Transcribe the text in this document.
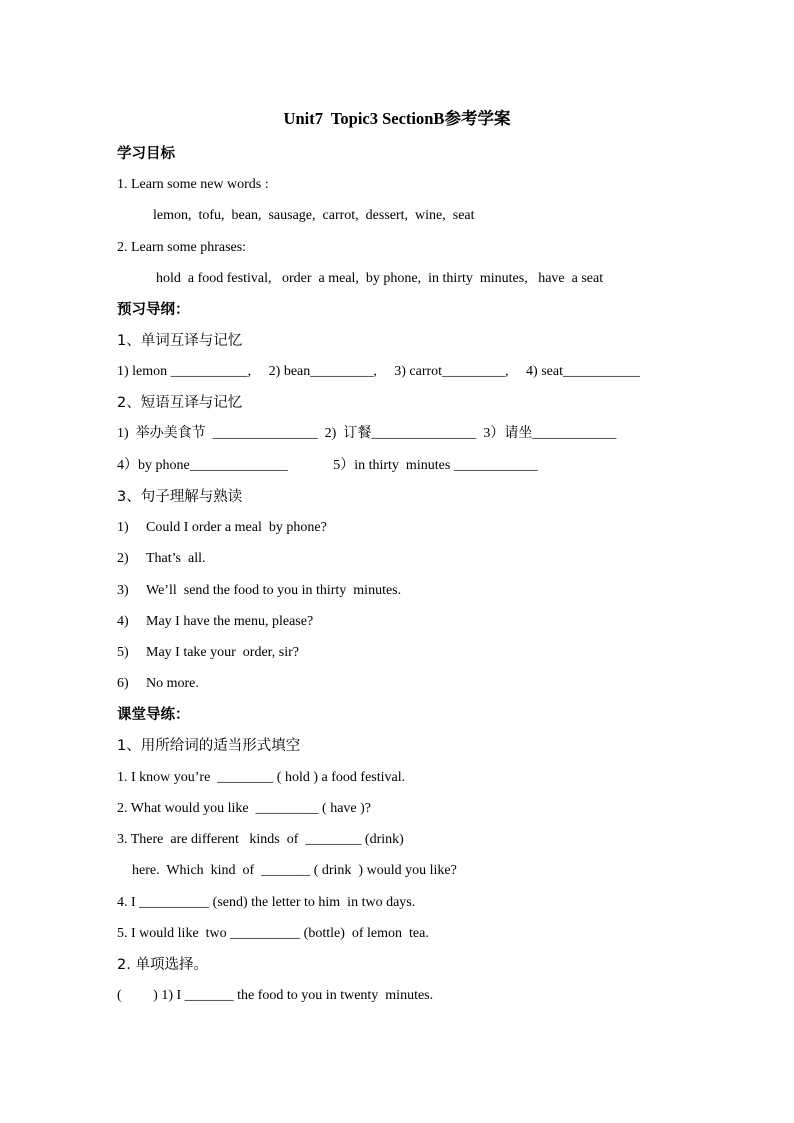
Unit7  Topic3 SectionB参考学案
学习目标
1. Learn some new words :
lemon,  tofu,  bean,  sausage,  carrot,  dessert,  wine,  seat
2. Learn some phrases:
hold  a food festival,   order  a meal,  by phone,  in thirty  minutes,   have  a seat
预习导纲：
1、单词互译与记忆
1) lemon ___________,     2) bean_________,     3) carrot_________,     4) seat___________
2、短语互译与记忆
1)  举办美食节  _______________  2)  订餐_______________  3）请坐____________
4）by phone______________             5）in thirty  minutes ____________
3、句子理解与熟读
1) Could I order a meal  by phone?
2) That’s  all.
3) We’ll  send the food to you in thirty  minutes.
4) May I have the menu, please?
5) May I take your  order, sir?
6) No more.
课堂导练：
1、用所给词的适当形式填空
1. I know you’re  ________ ( hold ) a food festival.
2. What would you like  _________ ( have )?
3. There  are different   kinds  of  ________ (drink)
here.  Which  kind  of  _______ ( drink  ) would you like?
4. I __________ (send) the letter to him  in two days.
5. I would like  two __________ (bottle)  of lemon  tea.
2. 单项选择。
(         ) 1) I _______ the food to you in twenty  minutes.
